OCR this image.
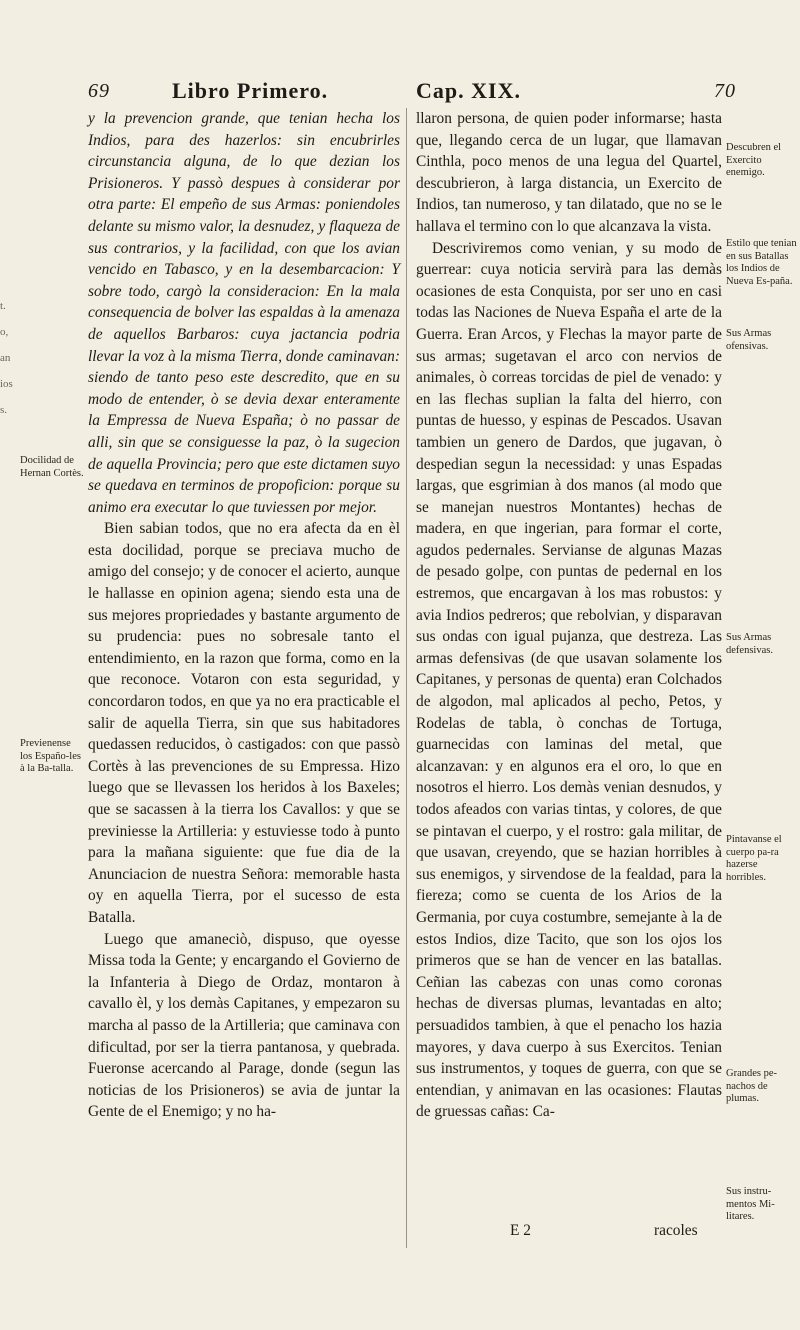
t.
o,
an
ios
s.
69	Libro Primero.	Cap. XIX.	70

y la prevencion grande, que tenian hecha los Indios, para des hazerlos: sin encubrirles circunstancia alguna, de lo que dezian los Prisioneros. Y passò despues à considerar por otra parte: El empeño de sus Armas: poniendoles delante su mismo valor, la desnudez, y flaqueza de sus contrarios, y la facilidad, con que los avian vencido en Tabasco, y en la desembarcacion: Y sobre todo, cargò la consideracion: En la mala consequencia de bolver las espaldas à la amenaza de aquellos Barbaros: cuya jactancia podria llevar la voz à la misma Tierra, donde caminavan: siendo de tanto peso este descredito, que en su modo de entender, ò se devia dexar enteramente la Empressa de Nueva España; ò no passar de alli, sin que se consiguesse la paz, ò la sugecion de aquella Provincia; pero que este dictamen suyo se quedava en terminos de propoficion: porque su animo era executar lo que tuviessen por mejor.

Bien sabian todos, que no era afecta da en èl esta docilidad, porque se preciava mucho de amigo del consejo; y de conocer el acierto, aunque le hallasse en opinion agena; siendo esta una de sus mejores propriedades y bastante argumento de su prudencia: pues no sobresale tanto el entendimiento, en la razon que forma, como en la que reconoce. Votaron con esta seguridad, y concordaron todos, en que ya no era practicable el salir de aquella Tierra, sin que sus habitadores quedassen reducidos, ò castigados: con que passò Cortès à las prevenciones de su Empressa. Hizo luego que se llevassen los heridos à los Baxeles; que se sacassen à la tierra los Cavallos: y que se previniesse la Artilleria: y estuviesse todo à punto para la mañana siguiente: que fue dia de la Anunciacion de nuestra Señora: memorable hasta oy en aquella Tierra, por el sucesso de esta Batalla.

Luego que amaneciò, dispuso, que oyesse Missa toda la Gente; y encargando el Govierno de la Infanteria à Diego de Ordaz, montaron à cavallo èl, y los demàs Capitanes, y empezaron su marcha al passo de la Artilleria; que caminava con dificultad, por ser la tierra pantanosa, y quebrada. Fueronse acercando al Parage, donde (segun las noticias de los Prisioneros) se avia de juntar la Gente de el Enemigo; y no ha-

llaron persona, de quien poder informarse; hasta que, llegando cerca de un lugar, que llamavan Cinthla, poco menos de una legua del Quartel, descubrieron, à larga distancia, un Exercito de Indios, tan numeroso, y tan dilatado, que no se le hallava el termino con lo que alcanzava la vista.

Descriviremos como venian, y su modo de guerrear: cuya noticia servirà para las demàs ocasiones de esta Conquista, por ser uno en casi todas las Naciones de Nueva España el arte de la Guerra. Eran Arcos, y Flechas la mayor parte de sus armas; sugetavan el arco con nervios de animales, ò correas torcidas de piel de venado: y en las flechas suplian la falta del hierro, con puntas de huesso, y espinas de Pescados. Usavan tambien un genero de Dardos, que jugavan, ò despedian segun la necessidad: y unas Espadas largas, que esgrimian à dos manos (al modo que se manejan nuestros Montantes) hechas de madera, en que ingerian, para formar el corte, agudos pedernales. Servianse de algunas Mazas de pesado golpe, con puntas de pedernal en los estremos, que encargavan à los mas robustos: y avia Indios pedreros; que rebolvian, y disparavan sus ondas con igual pujanza, que destreza. Las armas defensivas (de que usavan solamente los Capitanes, y personas de quenta) eran Colchados de algodon, mal aplicados al pecho, Petos, y Rodelas de tabla, ò conchas de Tortuga, guarnecidas con laminas del metal, que alcanzavan: y en algunos era el oro, lo que en nosotros el hierro. Los demàs venian desnudos, y todos afeados con varias tintas, y colores, de que se pintavan el cuerpo, y el rostro: gala militar, de que usavan, creyendo, que se hazian horribles à sus enemigos, y sirvendose de la fealdad, para la fiereza; como se cuenta de los Arios de la Germania, por cuya costumbre, semejante à la de estos Indios, dize Tacito, que son los ojos los primeros que se han de vencer en las batallas. Ceñian las cabezas con unas como coronas hechas de diversas plumas, levantadas en alto; persuadidos tambien, à que el penacho los hazia mayores, y dava cuerpo à sus Exercitos. Tenian sus instrumentos, y toques de guerra, con que se entendian, y animavan en las ocasiones: Flautas de gruessas cañas: Ca-

Docilidad de Hernan Cortès.
Previenense los Españo-les à la Ba-talla.
Descubren el Exercito enemigo.
Estilo que tenian en sus Batallas los Indios de Nueva Es-paña.
Sus Armas ofensivas.
Sus Armas defensivas.
Pintavanse el cuerpo pa-ra hazerse horribles.
Grandes pe-nachos de plumas.
Sus instru-mentos Mi-litares.
E 2	racoles
